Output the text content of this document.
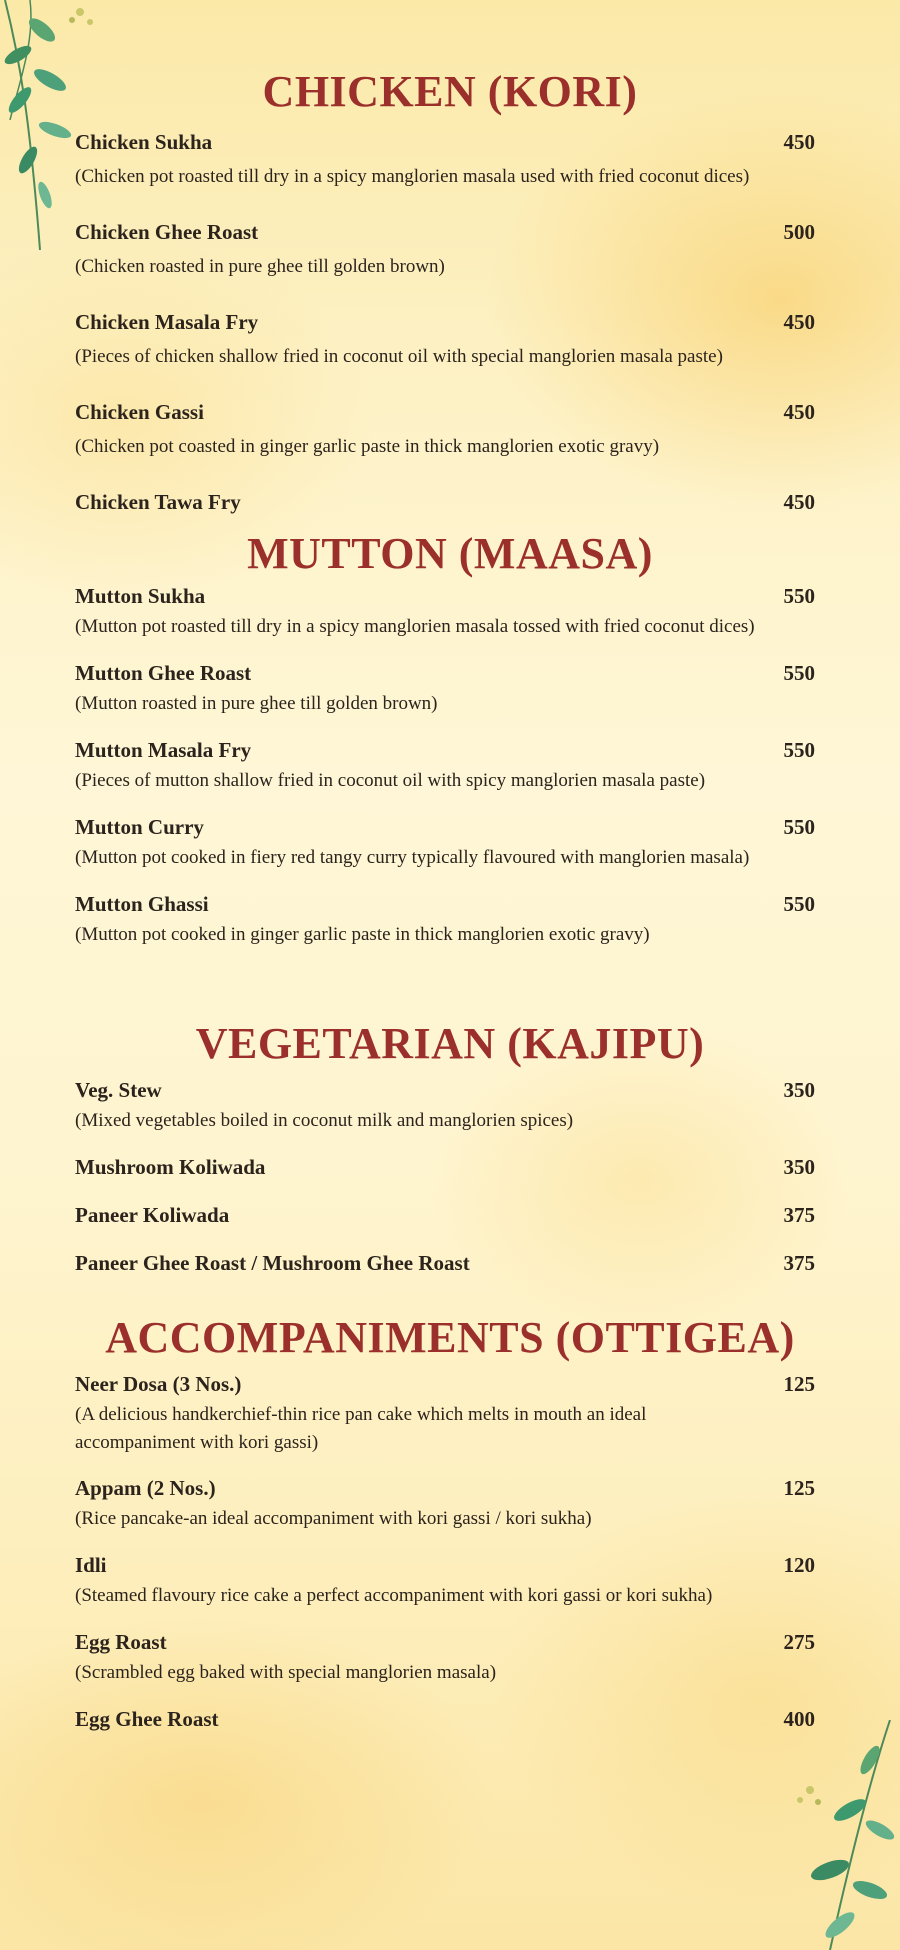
CHICKEN (KORI)
Chicken Sukha	450
(Chicken pot roasted till dry in a spicy manglorien masala used with fried coconut dices)
Chicken Ghee Roast	500
(Chicken roasted in pure ghee till golden brown)
Chicken Masala Fry	450
(Pieces of chicken shallow fried in coconut oil with special manglorien masala paste)
Chicken Gassi	450
(Chicken pot coasted in ginger garlic paste in thick manglorien exotic gravy)
Chicken Tawa Fry	450
MUTTON (MAASA)
Mutton Sukha	550
(Mutton pot roasted till dry in a spicy manglorien masala tossed with fried coconut dices)
Mutton Ghee Roast	550
(Mutton roasted in pure ghee till golden brown)
Mutton Masala Fry	550
(Pieces of mutton shallow fried in coconut oil with spicy manglorien masala paste)
Mutton Curry	550
(Mutton pot cooked in fiery red tangy curry typically flavoured with manglorien masala)
Mutton Ghassi	550
(Mutton pot cooked in ginger garlic paste in thick manglorien exotic gravy)
VEGETARIAN (KAJIPU)
Veg. Stew	350
(Mixed vegetables boiled in coconut milk and manglorien spices)
Mushroom Koliwada	350
Paneer Koliwada	375
Paneer Ghee Roast / Mushroom Ghee Roast	375
ACCOMPANIMENTS (OTTIGEA)
Neer Dosa (3 Nos.)	125
(A delicious handkerchief-thin rice pan cake which melts in mouth an ideal accompaniment with kori gassi)
Appam (2 Nos.)	125
(Rice pancake-an ideal accompaniment with kori gassi / kori sukha)
Idli	120
(Steamed flavoury rice cake a perfect accompaniment with kori gassi or kori sukha)
Egg Roast	275
(Scrambled egg baked with special manglorien masala)
Egg Ghee Roast	400
